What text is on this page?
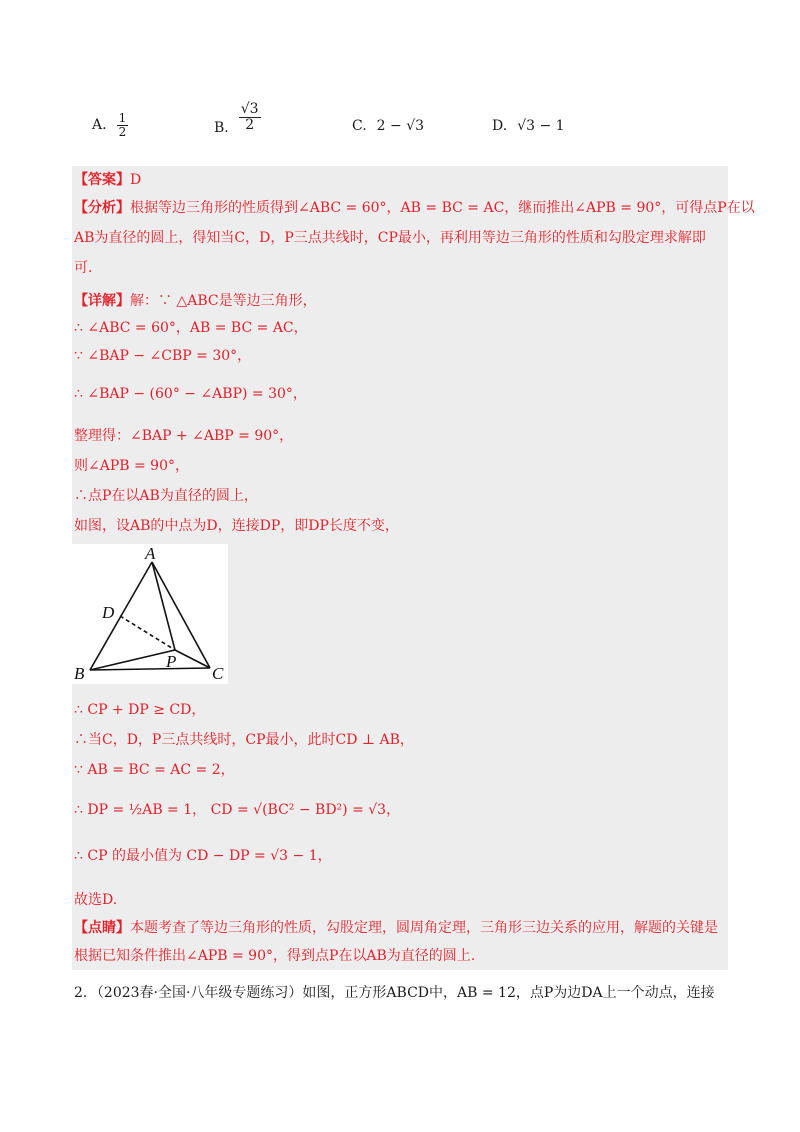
A. $\frac{1}{2}$	B. $\frac{√3}{2}$	C. 2 − √3	D. √3 − 1
【答案】D
【分析】根据等边三角形的性质得到∠ABC = 60°，AB = BC = AC，继而推出∠APB = 90°，可得点P在以
AB为直径的圆上，得知当C，D，P三点共线时，CP最小，再利用等边三角形的性质和勾股定理求解即
可.
【详解】解：∵ △ABC是等边三角形，
∴ ∠ABC = 60°，AB = BC = AC，
∵ ∠BAP − ∠CBP = 30°，
∴ ∠BAP − (60° − ∠ABP) = 30°，
整理得：∠BAP + ∠ABP = 90°，
则∠APB = 90°，
∴点P在以AB为直径的圆上，
如图，设AB的中点为D，连接DP，即DP长度不变，
A
B	C
D
P
∴ CP + DP ≥ CD，
∴当C，D，P三点共线时，CP最小，此时CD ⊥ AB，
∵ AB = BC = AC = 2，
∴ DP = ½AB = 1， CD = √(BC² − BD²) = √3，
∴ CP 的最小值为 CD − DP = √3 − 1，
故选D.
【点睛】本题考查了等边三角形的性质，勾股定理，圆周角定理，三角形三边关系的应用，解题的关键是
根据已知条件推出∠APB = 90°，得到点P在以AB为直径的圆上.
2．（2023春·全国·八年级专题练习）如图，正方形ABCD中，AB = 12，点P为边DA上一个动点，连接
